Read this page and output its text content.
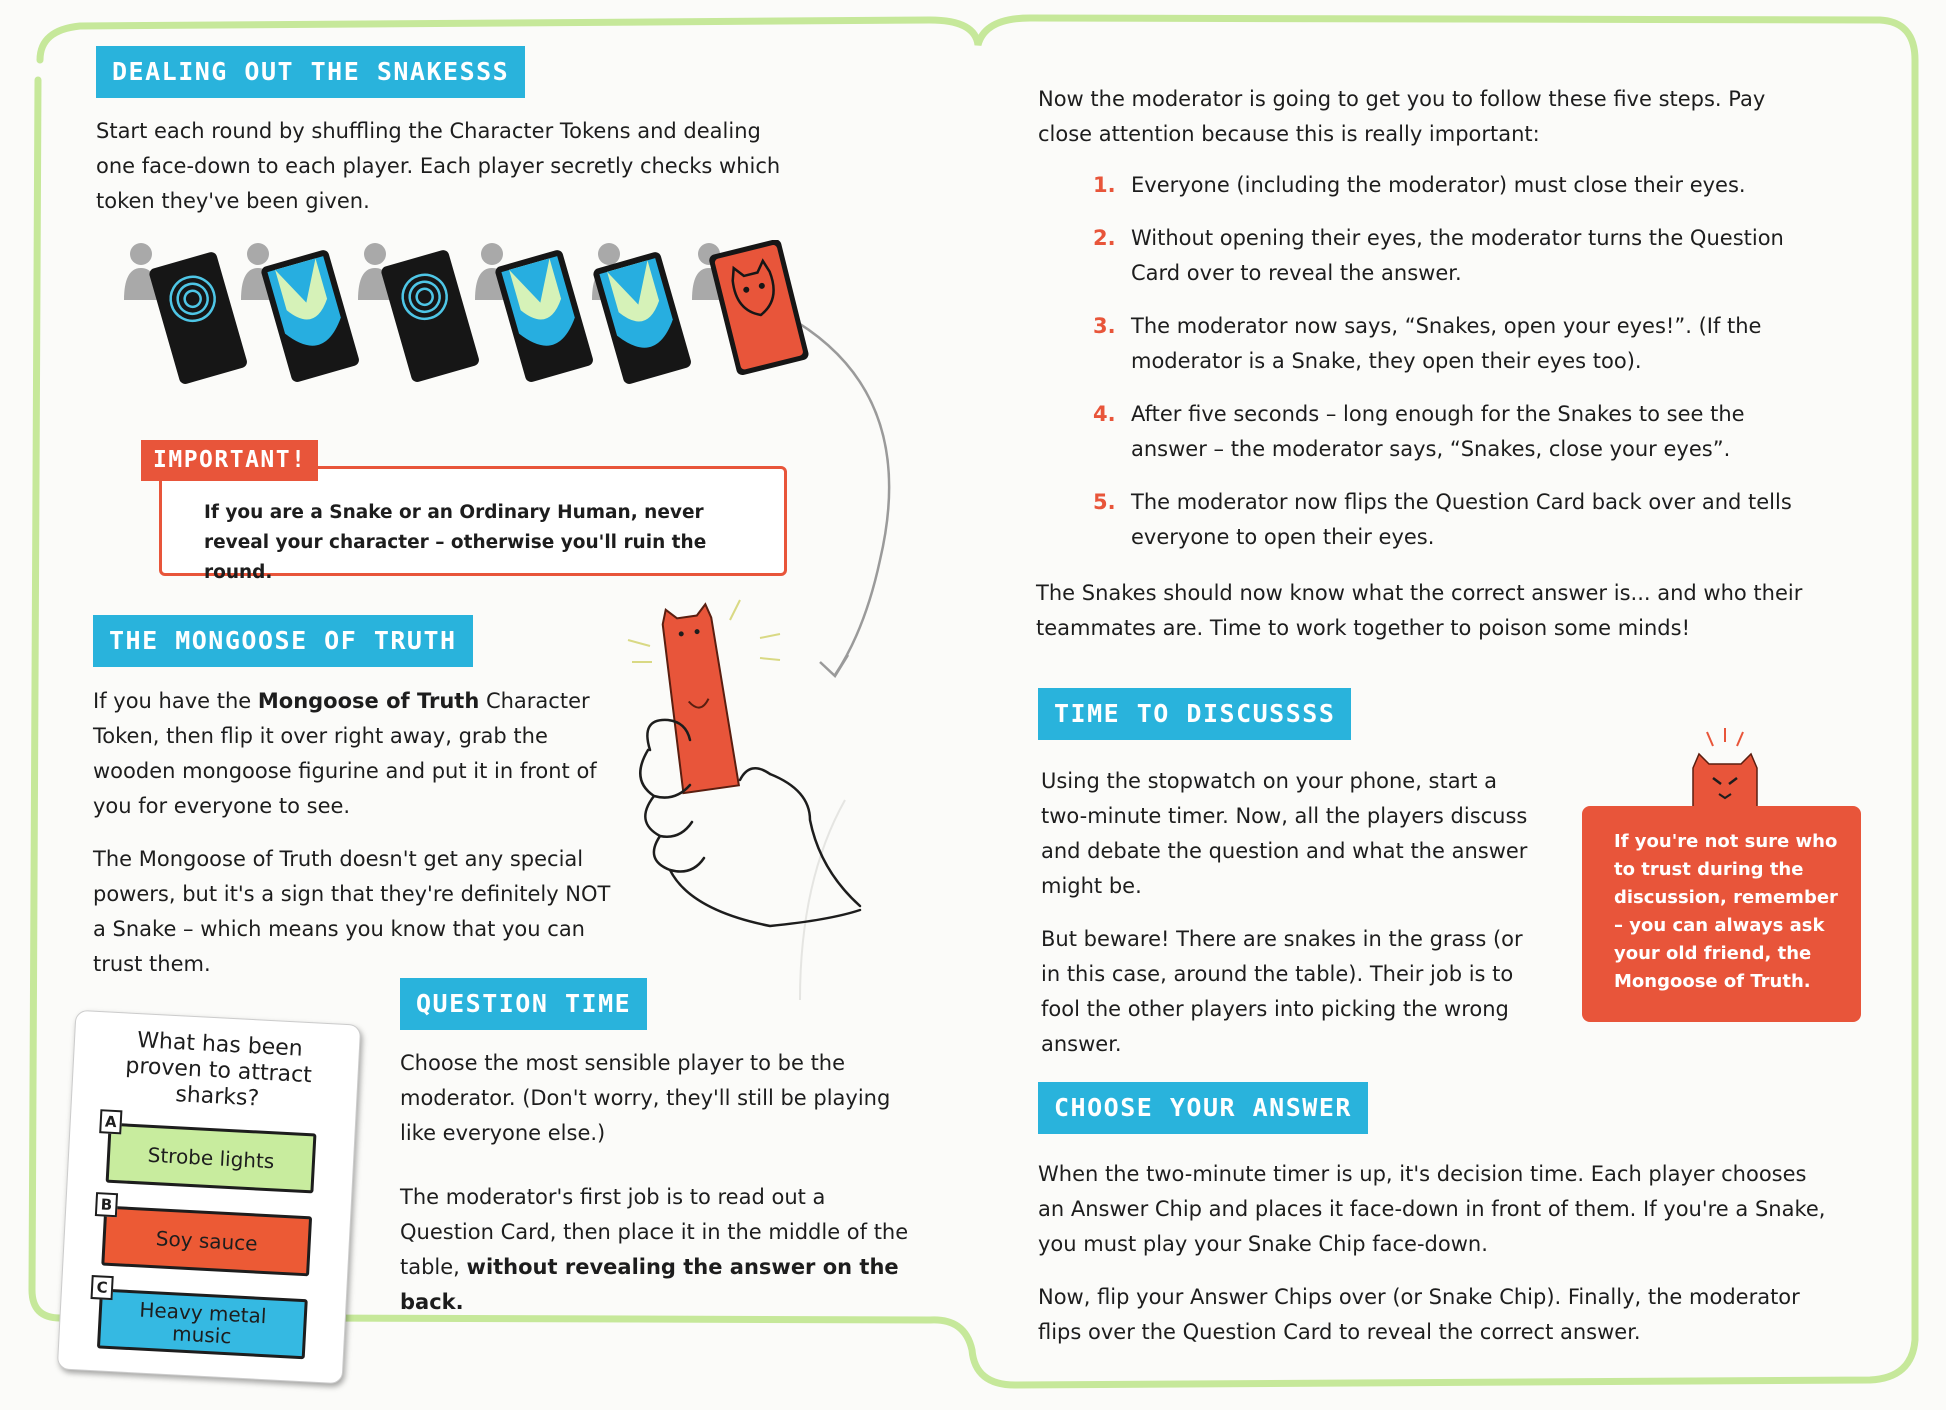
DEALING OUT THE SNAKESSS
Start each round by shuffling the Character Tokens and dealing one face-down to each player. Each player secretly checks which token they've been given.
IMPORTANT!
If you are a Snake or an Ordinary Human, never reveal your character – otherwise you'll ruin the round.
THE MONGOOSE OF TRUTH

If you have the Mongoose of Truth Character Token, then flip it over right away, grab the wooden mongoose figurine and put it in front of you for everyone to see.

The Mongoose of Truth doesn't get any special powers, but it's a sign that they're definitely NOT a Snake – which means you know that you can trust them.

What has been proven to attract sharks?
A
Strobe lights
B
Soy sauce
C
Heavy metal music
QUESTION TIME

Choose the most sensible player to be the moderator. (Don't worry, they'll still be playing like everyone else.)

The moderator's first job is to read out a Question Card, then place it in the middle of the table, without revealing the answer on the back.

Now the moderator is going to get you to follow these five steps. Pay close attention because this is really important:
1. Everyone (including the moderator) must close their eyes.
2. Without opening their eyes, the moderator turns the Question Card over to reveal the answer.
3. The moderator now says, “Snakes, open your eyes!”. (If the moderator is a Snake, they open their eyes too).
4. After five seconds – long enough for the Snakes to see the answer – the moderator says, “Snakes, close your eyes”.
5. The moderator now flips the Question Card back over and tells everyone to open their eyes.
The Snakes should now know what the correct answer is... and who their teammates are. Time to work together to poison some minds!
TIME TO DISCUSSSS

Using the stopwatch on your phone, start a two-minute timer. Now, all the players discuss and debate the question and what the answer might be.

But beware! There are snakes in the grass (or in this case, around the table). Their job is to fool the other players into picking the wrong answer.

If you're not sure who to trust during the discussion, remember – you can always ask your old friend, the Mongoose of Truth.
CHOOSE YOUR ANSWER

When the two-minute timer is up, it's decision time. Each player chooses an Answer Chip and places it face-down in front of them. If you're a Snake, you must play your Snake Chip face-down.

Now, flip your Answer Chips over (or Snake Chip). Finally, the moderator flips over the Question Card to reveal the correct answer.
